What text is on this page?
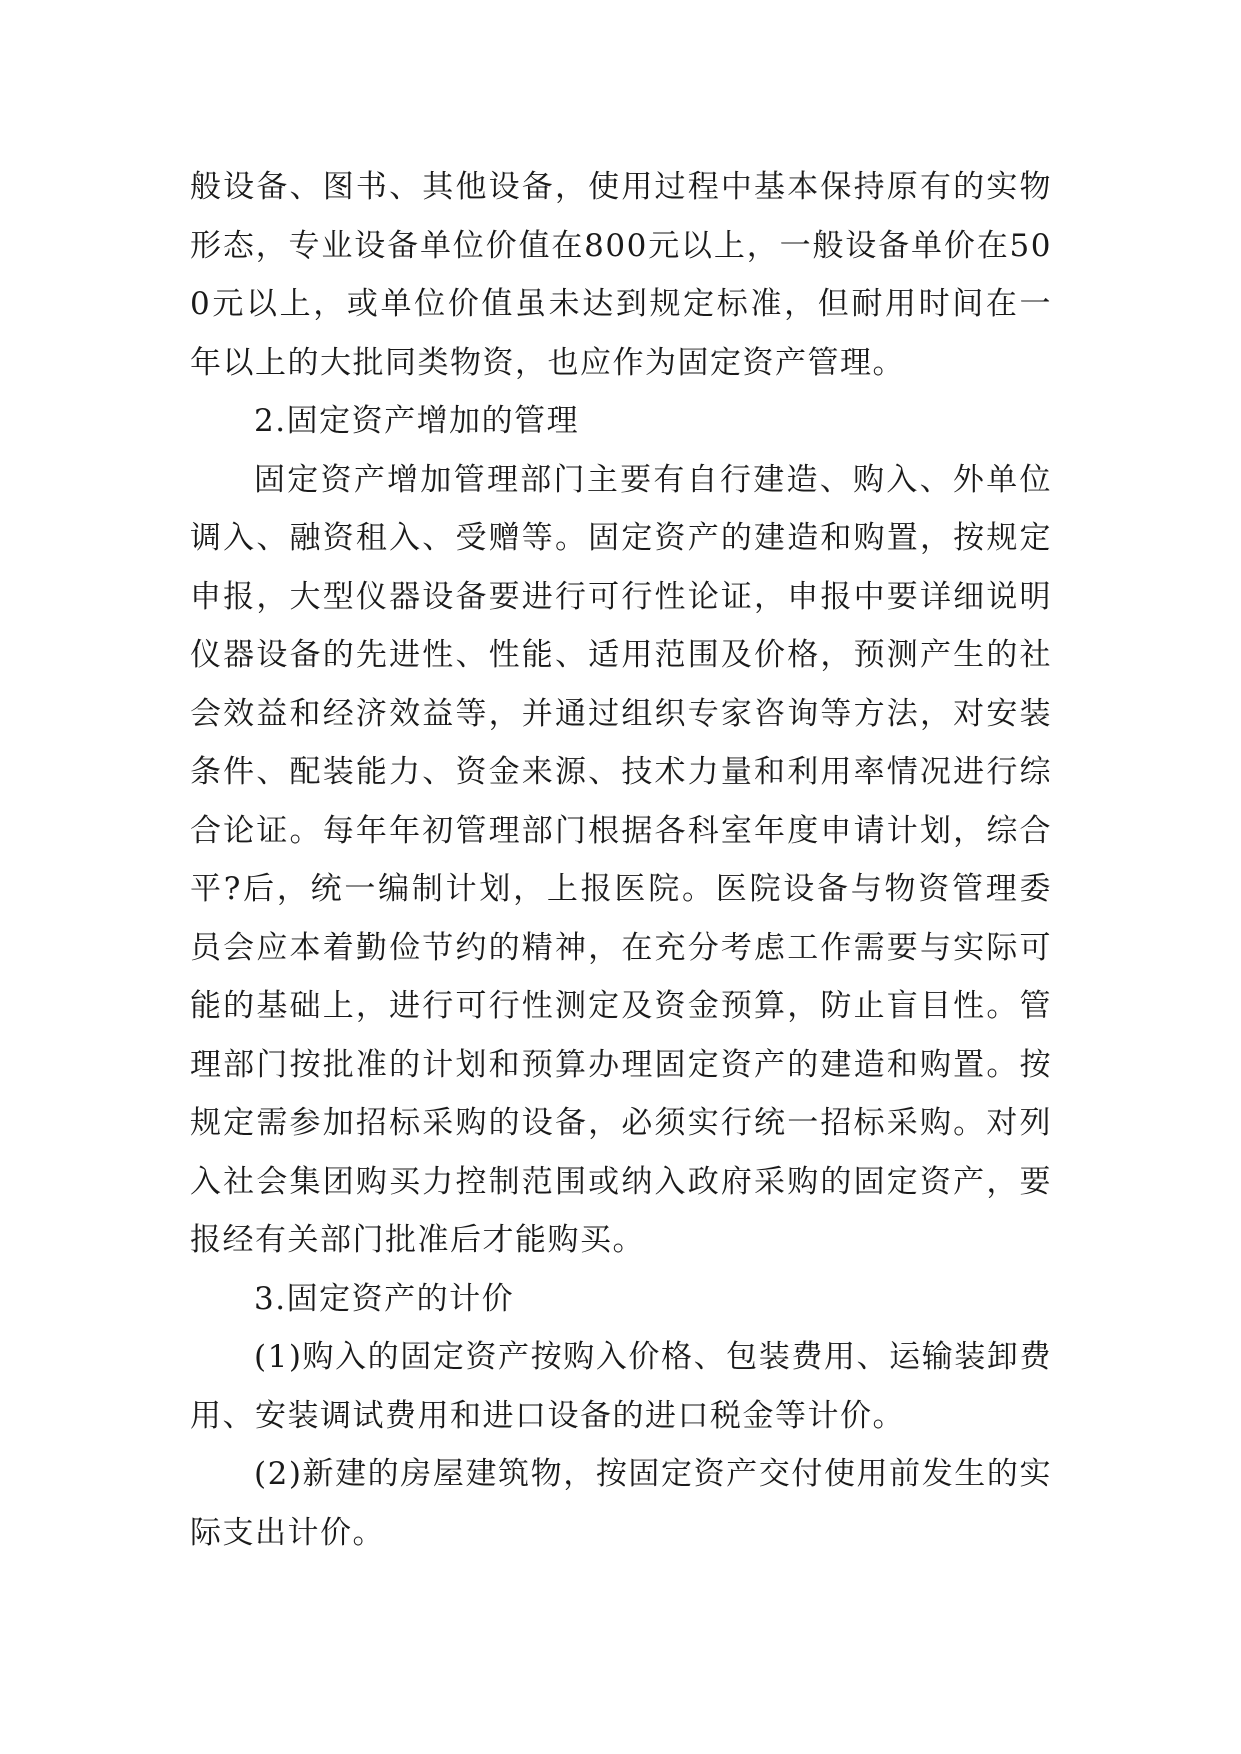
般设备、图书、其他设备，使用过程中基本保持原有的实物形态，专业设备单位价值在800元以上，一般设备单价在500元以上，或单位价值虽未达到规定标准，但耐用时间在一年以上的大批同类物资，也应作为固定资产管理。

2.固定资产增加的管理

固定资产增加管理部门主要有自行建造、购入、外单位调入、融资租入、受赠等。固定资产的建造和购置，按规定申报，大型仪器设备要进行可行性论证，申报中要详细说明仪器设备的先进性、性能、适用范围及价格，预测产生的社会效益和经济效益等，并通过组织专家咨询等方法，对安装条件、配装能力、资金来源、技术力量和利用率情况进行综合论证。每年年初管理部门根据各科室年度申请计划，综合平?后，统一编制计划，上报医院。医院设备与物资管理委员会应本着勤俭节约的精神，在充分考虑工作需要与实际可能的基础上，进行可行性测定及资金预算，防止盲目性。管理部门按批准的计划和预算办理固定资产的建造和购置。按规定需参加招标采购的设备，必须实行统一招标采购。对列入社会集团购买力控制范围或纳入政府采购的固定资产，要报经有关部门批准后才能购买。

3.固定资产的计价

(1)购入的固定资产按购入价格、包装费用、运输装卸费用、安装调试费用和进口设备的进口税金等计价。

(2)新建的房屋建筑物，按固定资产交付使用前发生的实际支出计价。
